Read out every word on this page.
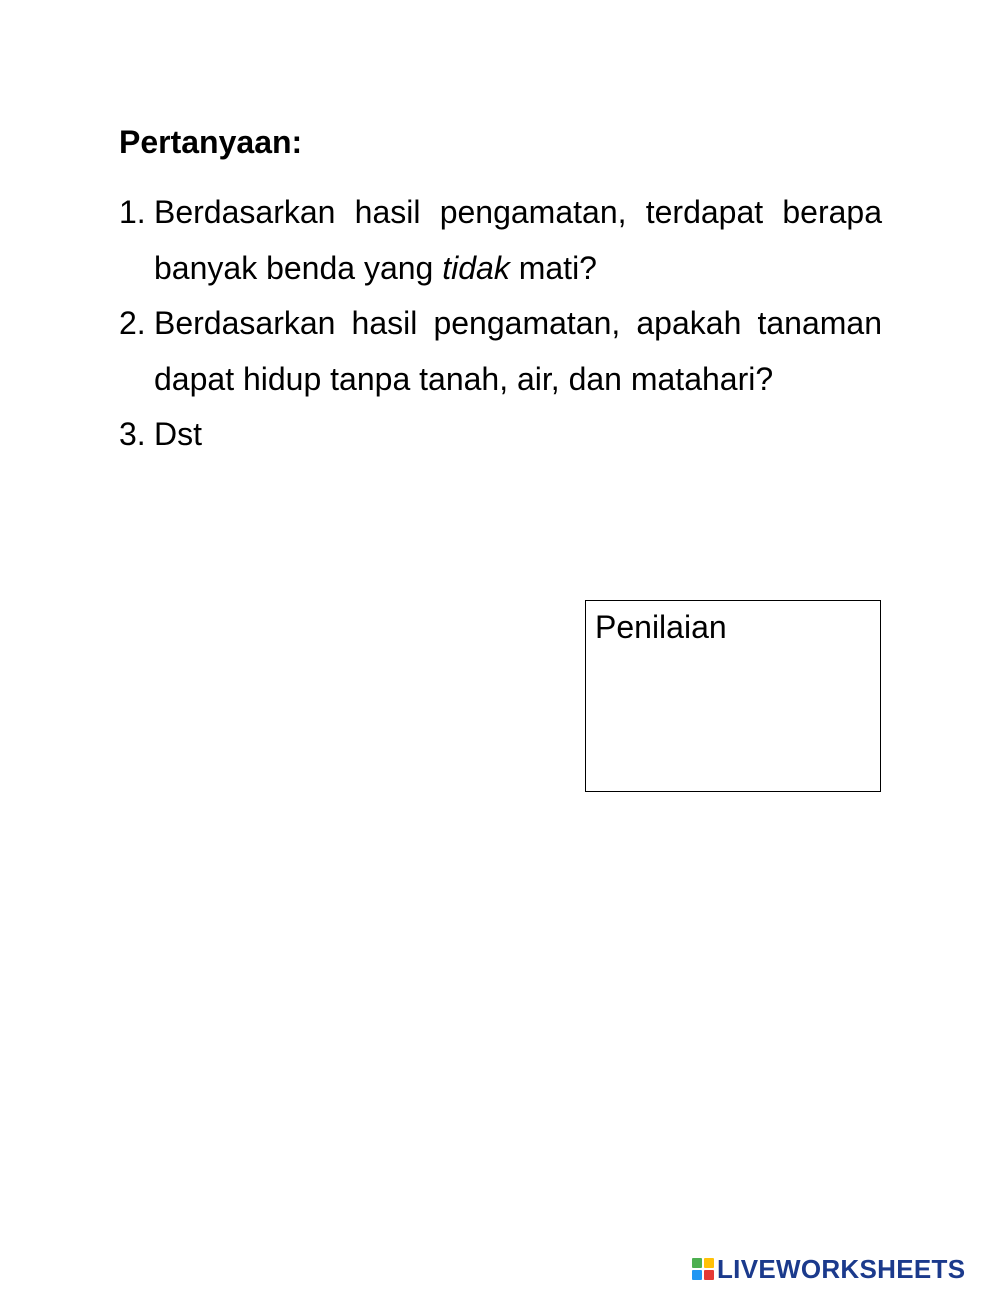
Pertanyaan:
1. Berdasarkan hasil pengamatan, terdapat berapa banyak benda yang tidak mati?
2. Berdasarkan hasil pengamatan, apakah tanaman dapat hidup tanpa tanah, air, dan matahari?
3. Dst
Penilaian
LIVEWORKSHEETS
